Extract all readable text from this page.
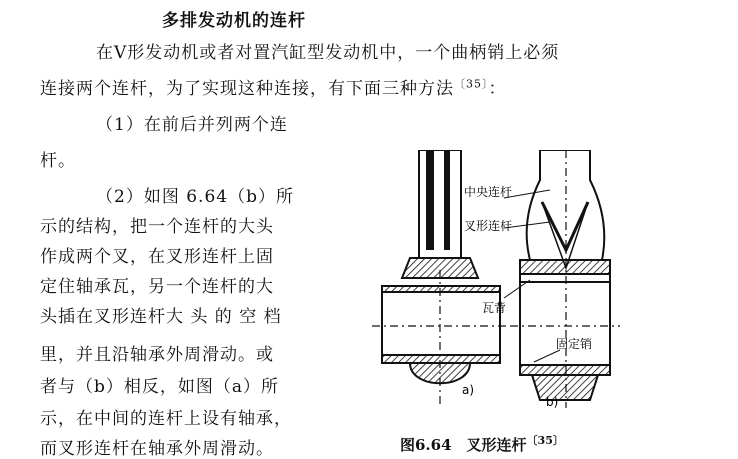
多排发动机的连杆
在V形发动机或者对置汽缸型发动机中，一个曲柄销上必须
连接两个连杆，为了实现这种连接，有下面三种方法$^{〔35〕}$：
（1）在前后并列两个连
杆。
（2）如图 6.64（b）所
示的结构，把一个连杆的大头
作成两个叉，在叉形连杆上固
定住轴承瓦，另一个连杆的大
头插在叉形连杆大 头 的 空 档
里，并且沿轴承外周滑动。或
者与（b）相反，如图（a）所
示，在中间的连杆上设有轴承，
而叉形连杆在轴承外周滑动。
中央连杆
叉形连杆
瓦背
固定销
a)
b)
图6.64　叉形连杆$^{〔35〕}$
